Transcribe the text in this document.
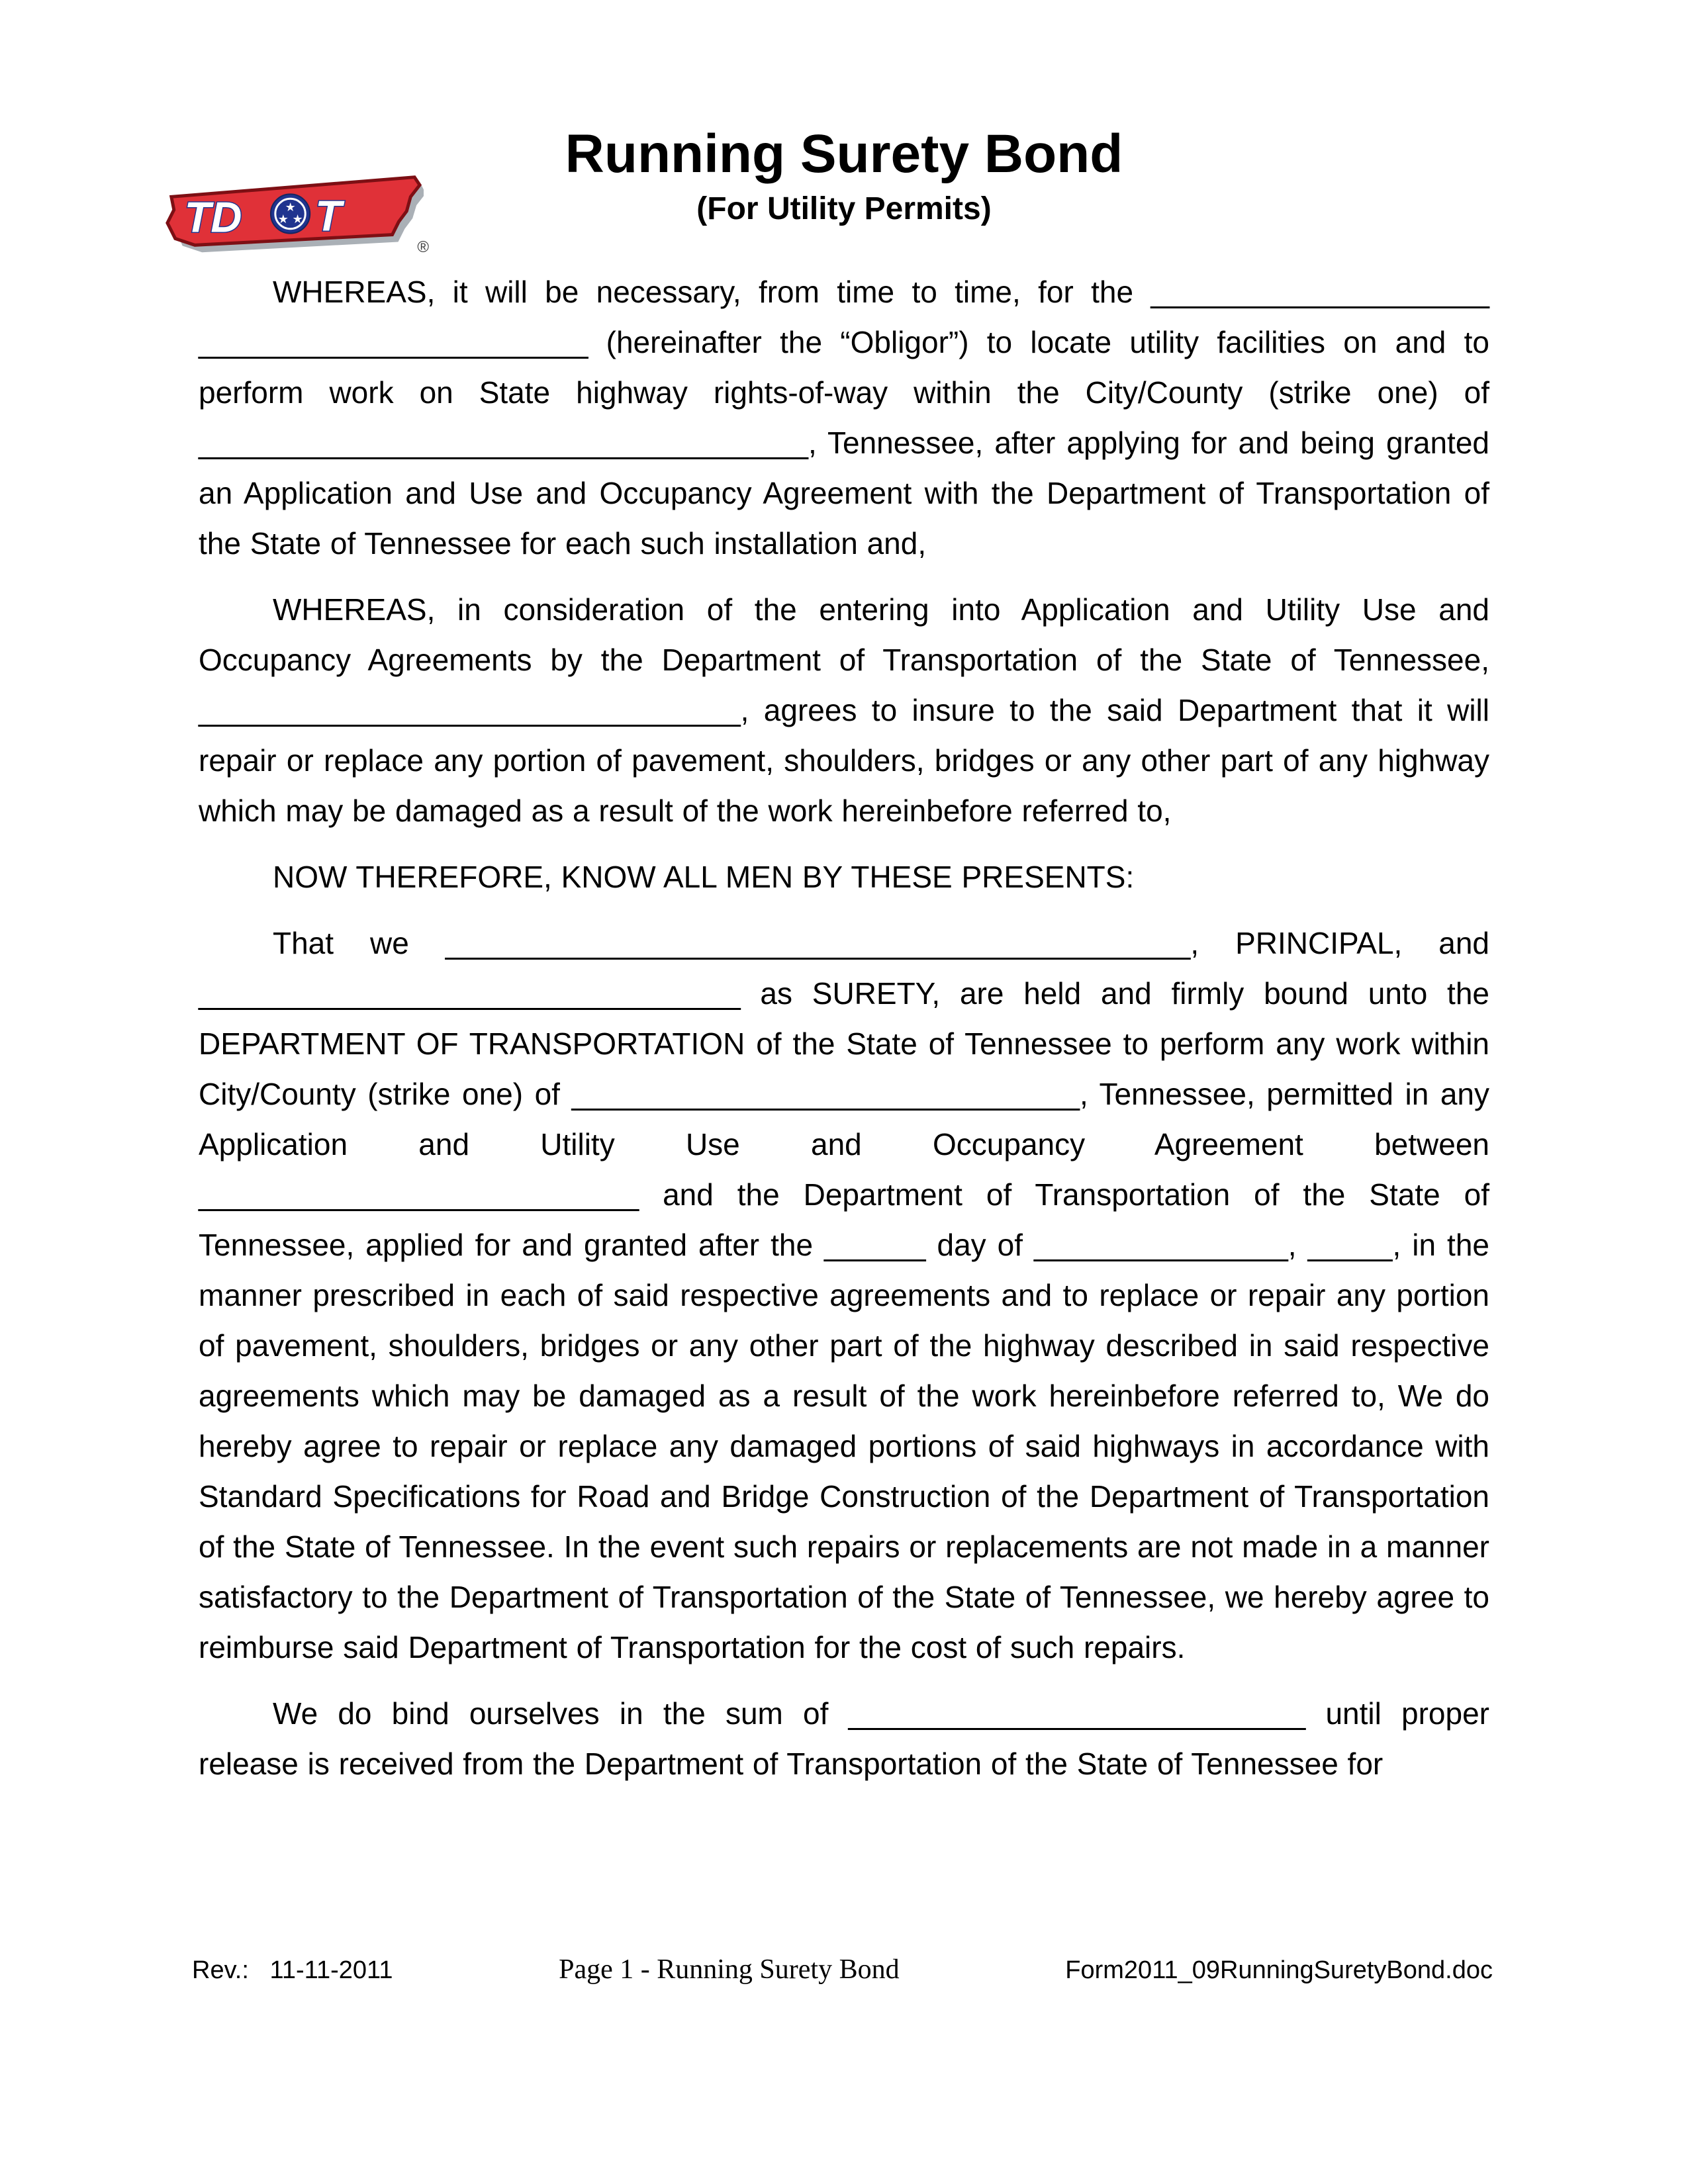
Running Surety Bond
(For Utility Permits)
TD	★
★ ★ T
®

WHEREAS, it will be necessary, from time to time, for the ____________________ _______________________ (hereinafter the “Obligor”) to locate utility facilities on and to perform work on State highway rights-of-way within the City/County (strike one) of ____________________________________, Tennessee, after applying for and being granted an Application and Use and Occupancy Agreement with the Department of Transportation of the State of Tennessee for each such installation and,

WHEREAS, in consideration of the entering into Application and Utility Use and Occupancy Agreements by the Department of Transportation of the State of Tennessee, ________________________________, agrees to insure to the said Department that it will repair or replace any portion of pavement, shoulders, bridges or any other part of any highway which may be damaged as a result of the work hereinbefore referred to,

NOW THEREFORE, KNOW ALL MEN BY THESE PRESENTS:

That we ____________________________________________, PRINCIPAL, and ________________________________ as SURETY, are held and firmly bound unto the DEPARTMENT OF TRANSPORTATION of the State of Tennessee to perform any work within City/County (strike one) of ______________________________, Tennessee, permitted in any Application and Utility Use and Occupancy Agreement between __________________________ and the Department of Transportation of the State of Tennessee, applied for and granted after the ______ day of _______________, _____, in the manner prescribed in each of said respective agreements and to replace or repair any portion of pavement, shoulders, bridges or any other part of the highway described in said respective agreements which may be damaged as a result of the work hereinbefore referred to, We do hereby agree to repair or replace any damaged portions of said highways in accordance with Standard Specifications for Road and Bridge Construction of the Department of Transportation of the State of Tennessee. In the event such repairs or replacements are not made in a manner satisfactory to the Department of Transportation of the State of Tennessee, we hereby agree to reimburse said Department of Transportation for the cost of such repairs.

We do bind ourselves in the sum of ___________________________ until proper release is received from the Department of Transportation of the State of Tennessee for

Rev.:   11-11-2011	Page 1 - Running Surety Bond	Form2011_09RunningSuretyBond.doc
